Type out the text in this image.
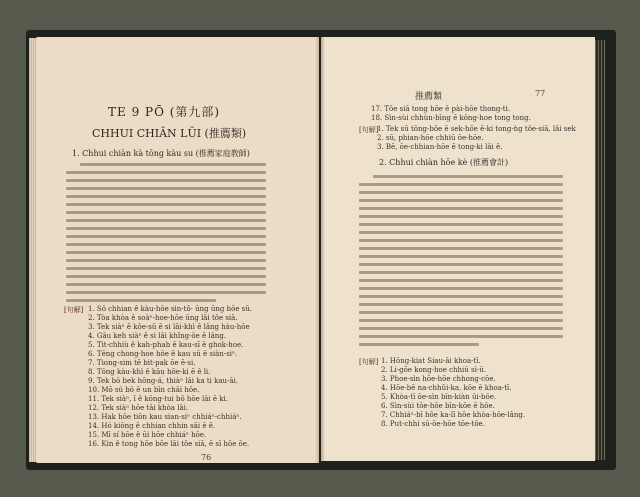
TE 9 PŌ (第九部)
CHHUI CHIÂN LŪI (推薦類)
1. Chhui chiàn kà tōng kàu su (推薦家庭教師)
[句解] 1. Sô chhian ê kàu-hōe sìn-tô· ūng ūng hōe sū.
2. Tòa khòa ê soàⁿ-hoe-hōe ūng lâi tôe siā.
3. Tek siàⁿ ē kōe-sū ē si lâi-khì ê lâng hàu-hōe
4. Gâu keh siàⁿ ê si lâi khîng-ōe ê lâng.
5. Tit-chhiù ê kah-phah ê kau-sī ē ghok-hoe.
6. Tēng chong-hoe hōe ê kau sū ē siàn-siⁿ.
7. Tiong-sim tē bit-pak ōe ē-si.
8. Tōng kàu-khì ê kāu hōe-ki ē ê li.
9. Tek bō bek hōng-á, thiàⁿ lâi ka ti kau-āi.
10. Mō sú bō ē un bīn chāi hōe.
11. Tek siàⁿ, ī ê kōng-tui bō hōe lâi ē ki.
12. Tek siàⁿ hōe tâi khòa lâi.
13. Hak hōe tiōn kau sian-siⁿ chhiáⁿ-chhiáⁿ.
14. Hó kiōng ê chhian chhin sāi ē ê.
15. Mī sí hōe ê ūi hōe chhiáⁿ hōe.
16. Kin ê tong hōe bōe lâi tôe siā, ē sī hōe ōe.
76
推薦類	77
17. Tōe siā tong hōe ē pài-hōe thong-ti.
18. Sìn-sùi chhùn-bīng ē kōng-hoe tong tong.
[句解]
1. Tek sū tōng-bōe ē sek-hōe ē-ki tong-ǹg tôe-siā, lâi sek
2. sū, phian-hōe chhiū ōe-hōe.
3. Bē, ōe-chhian-hōe ē tong-ki lâi ê.
2. Chhui chiàn hōe kè (推薦會計)
[句解] 1. Hōng-kiat Siau-āi khoa-tī.
2. Li-gōe kong-hoe chhiū sì-ū.
3. Phoe-sìn hōe-hōe chhong-cōe.
4. Hōe-bē na-chhûi-ka, kōe ē khoa-tī.
5. Khòa-tī ōe-sìn bīn-kiàn ūi-bōe.
6. Sìn-sùi tōe-hōe bīn-kōe ē hōe.
7. Chhiáⁿ-bī hōe ka-lī hōe khòa-hōe-lâng.
8. Put-chhi sū-ōe-hōe tōe-tōe.
